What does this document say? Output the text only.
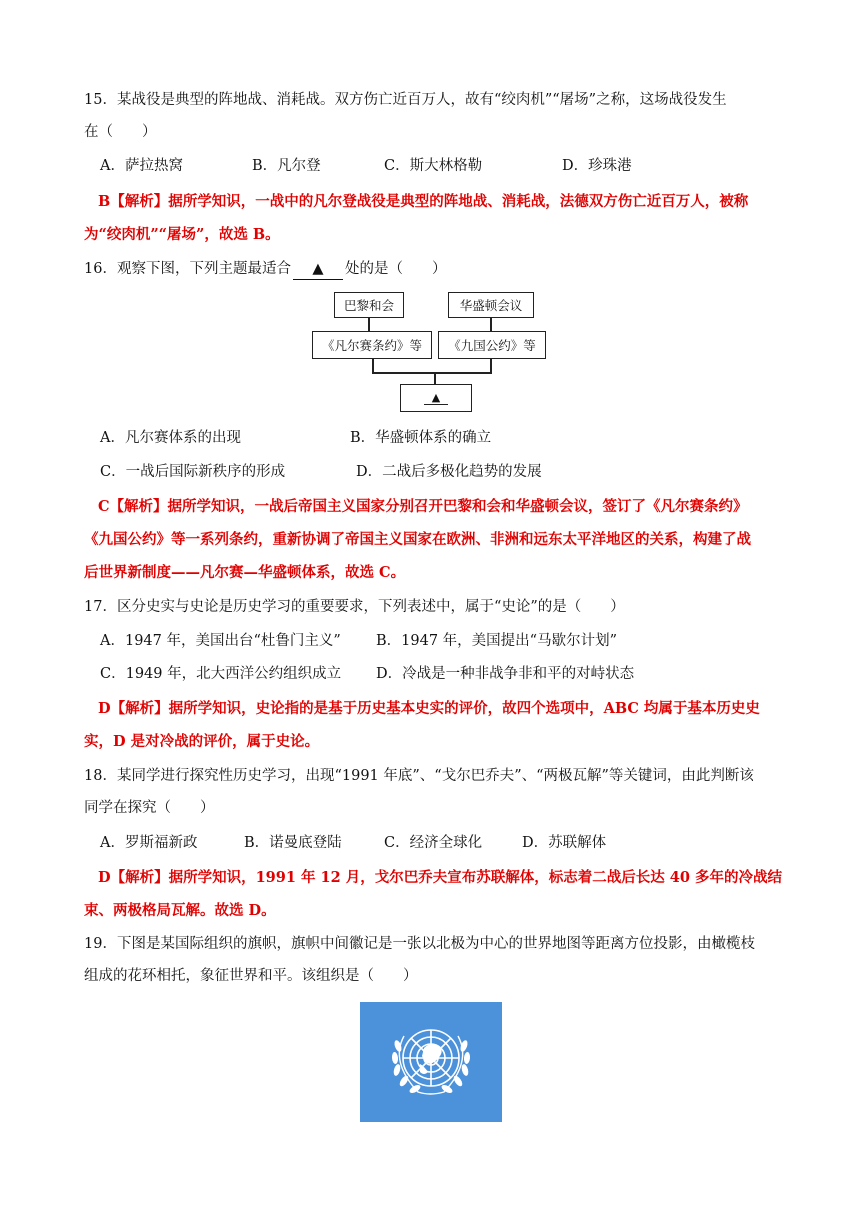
15．某战役是典型的阵地战、消耗战。双方伤亡近百万人，故有“绞肉机”“屠场”之称，这场战役发生
在（　　）
A．萨拉热窝	B．凡尔登	C．斯大林格勒	D．珍珠港
B【解析】据所学知识，一战中的凡尔登战役是典型的阵地战、消耗战，法德双方伤亡近百万人，被称
为“绞肉机”“屠场”，故选 B。
16．观察下图，下列主题最适合 ▲ 处的是（　　）
巴黎和会	华盛顿会议
《凡尔赛条约》等	《九国公约》等
▲
A．凡尔赛体系的出现	B．华盛顿体系的确立
C．一战后国际新秩序的形成	D．二战后多极化趋势的发展
C【解析】据所学知识，一战后帝国主义国家分别召开巴黎和会和华盛顿会议，签订了《凡尔赛条约》
《九国公约》等一系列条约，重新协调了帝国主义国家在欧洲、非洲和远东太平洋地区的关系，构建了战
后世界新制度——凡尔赛—华盛顿体系，故选 C。
17．区分史实与史论是历史学习的重要要求，下列表述中，属于“史论”的是（　　）
A．1947 年，美国出台“杜鲁门主义” B．1947 年，美国提出“马歇尔计划”
C．1949 年，北大西洋公约组织成立 D．冷战是一种非战争非和平的对峙状态
D【解析】据所学知识，史论指的是基于历史基本史实的评价，故四个选项中，ABC 均属于基本历史史
实，D 是对冷战的评价，属于史论。
18．某同学进行探究性历史学习，出现“1991 年底”、“戈尔巴乔夫”、“两极瓦解”等关键词，由此判断该
同学在探究（　　）
A．罗斯福新政	B．诺曼底登陆	C．经济全球化	D．苏联解体
D【解析】据所学知识，1991 年 12 月，戈尔巴乔夫宣布苏联解体，标志着二战后长达 40 多年的冷战结
束、两极格局瓦解。故选 D。
19．下图是某国际组织的旗帜，旗帜中间徽记是一张以北极为中心的世界地图等距离方位投影，由橄榄枝
组成的花环相托，象征世界和平。该组织是（　　）
